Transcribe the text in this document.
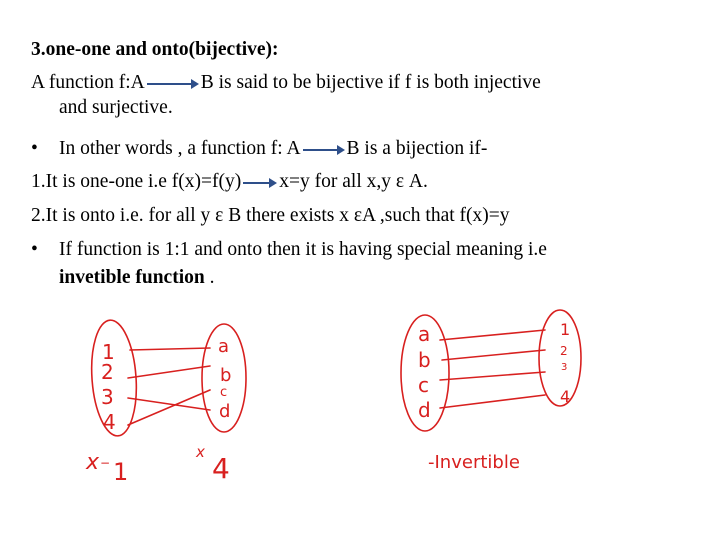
3.one-one and onto(bijective):
A function f:A	B is said to be bijective if f is both injective
and surjective.
• In other words , a function f: A B is a bijection if-
1.It is one-one i.e f(x)=f(y) x=y for all x,y ε A.
2.It is onto i.e. for all y ε B there exists x εA ,such that f(x)=y
• If function is 1:1 and onto then it is having special meaning i.e
invetible function .
1
2
3
4
a
b
c
d
x − 1
x 4
a
b
c
d
1
2
3
4
-Invertible
